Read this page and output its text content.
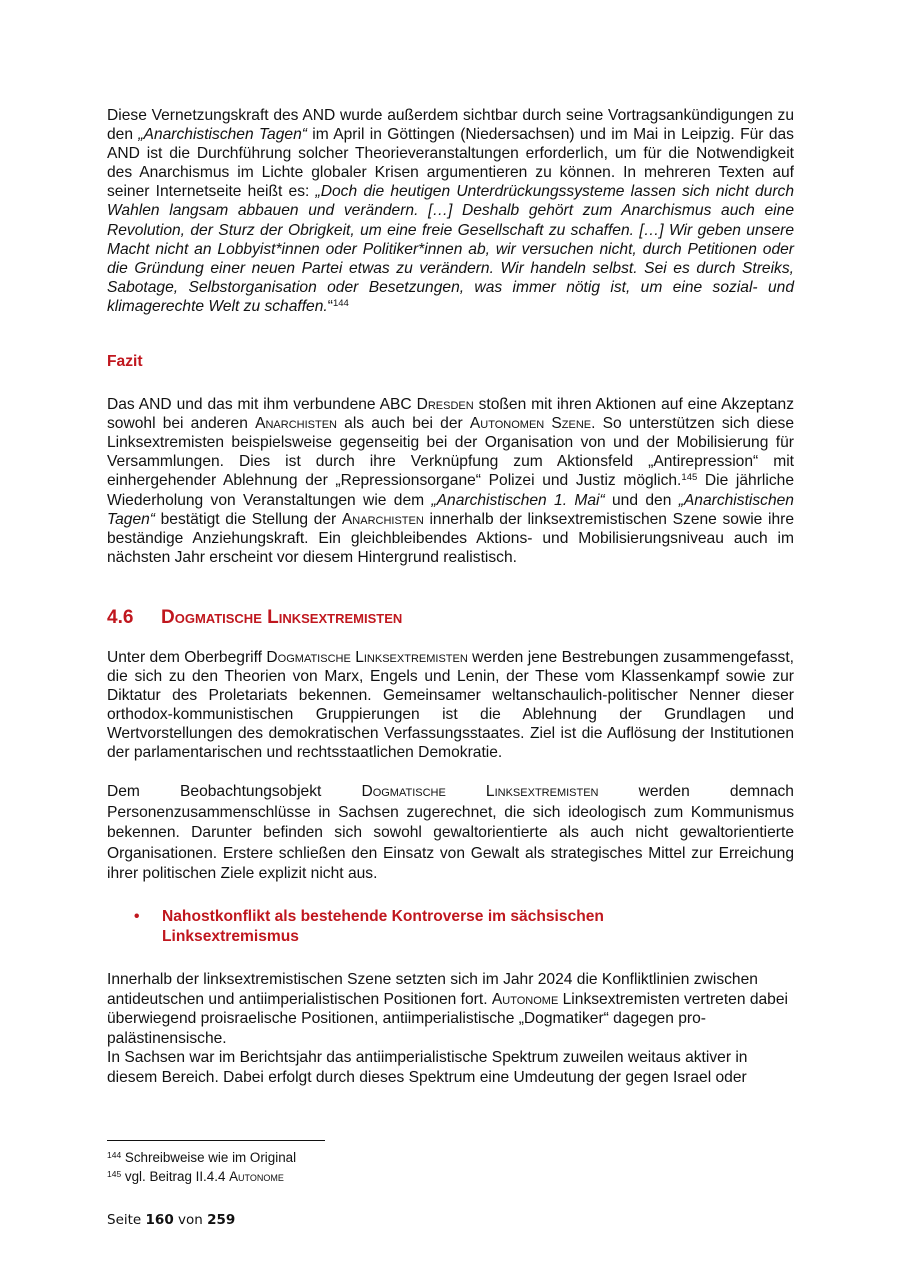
Diese Vernetzungskraft des AND wurde außerdem sichtbar durch seine Vortragsankündigungen zu den „Anarchistischen Tagen“ im April in Göttingen (Niedersachsen) und im Mai in Leipzig. Für das AND ist die Durchführung solcher Theorieveranstaltungen erforderlich, um für die Notwendigkeit des Anarchismus im Lichte globaler Krisen argumentieren zu können. In mehreren Texten auf seiner Internetseite heißt es: „Doch die heutigen Unterdrückungssysteme lassen sich nicht durch Wahlen langsam abbauen und verändern. […] Deshalb gehört zum Anarchismus auch eine Revolution, der Sturz der Obrigkeit, um eine freie Gesellschaft zu schaffen. […] Wir geben unsere Macht nicht an Lobbyist*innen oder Politiker*innen ab, wir versuchen nicht, durch Petitionen oder die Gründung einer neuen Partei etwas zu verändern. Wir handeln selbst. Sei es durch Streiks, Sabotage, Selbstorganisation oder Besetzungen, was immer nötig ist, um eine sozial- und klimagerechte Welt zu schaffen.“$^{144}$

Fazit

Das AND und das mit ihm verbundene ABC Dresden stoßen mit ihren Aktionen auf eine Akzeptanz sowohl bei anderen Anarchisten als auch bei der Autonomen Szene. So unterstützen sich diese Linksextremisten beispielsweise gegenseitig bei der Organisation von und der Mobilisierung für Versammlungen. Dies ist durch ihre Verknüpfung zum Aktionsfeld „Antirepression“ mit einhergehender Ablehnung der „Repressionsorgane“ Polizei und Justiz möglich.$^{145}$ Die jährliche Wiederholung von Veranstaltungen wie dem „Anarchistischen 1. Mai“ und den „Anarchistischen Tagen“ bestätigt die Stellung der Anarchisten innerhalb der linksextremistischen Szene sowie ihre beständige Anziehungskraft. Ein gleichbleibendes Aktions- und Mobilisierungsniveau auch im nächsten Jahr erscheint vor diesem Hintergrund realistisch.

4.6	Dogmatische Linksextremisten

Unter dem Oberbegriff Dogmatische Linksextremisten werden jene Bestrebungen zusammengefasst, die sich zu den Theorien von Marx, Engels und Lenin, der These vom Klassenkampf sowie zur Diktatur des Proletariats bekennen. Gemeinsamer weltanschaulich-politischer Nenner dieser orthodox-kommunistischen Gruppierungen ist die Ablehnung der Grundlagen und Wertvorstellungen des demokratischen Verfassungsstaates. Ziel ist die Auflösung der Institutionen der parlamentarischen und rechtsstaatlichen Demokratie.

Dem Beobachtungsobjekt Dogmatische Linksextremisten werden demnach Personenzusammenschlüsse in Sachsen zugerechnet, die sich ideologisch zum Kommunismus bekennen. Darunter befinden sich sowohl gewaltorientierte als auch nicht gewaltorientierte Organisationen. Erstere schließen den Einsatz von Gewalt als strategisches Mittel zur Erreichung ihrer politischen Ziele explizit nicht aus.

•	Nahostkonflikt als bestehende Kontroverse im sächsischen Linksextremismus

Innerhalb der linksextremistischen Szene setzten sich im Jahr 2024 die Konfliktlinien zwischen antideutschen und antiimperialistischen Positionen fort. Autonome Linksextremisten vertreten dabei überwiegend proisraelische Positionen, antiimperialistische „Dogmatiker“ dagegen pro-palästinensische.
In Sachsen war im Berichtsjahr das antiimperialistische Spektrum zuweilen weitaus aktiver in diesem Bereich. Dabei erfolgt durch dieses Spektrum eine Umdeutung der gegen Israel oder

$^{144}$ Schreibweise wie im Original
$^{145}$ vgl. Beitrag II.4.4 Autonome
Seite 160 von 259
